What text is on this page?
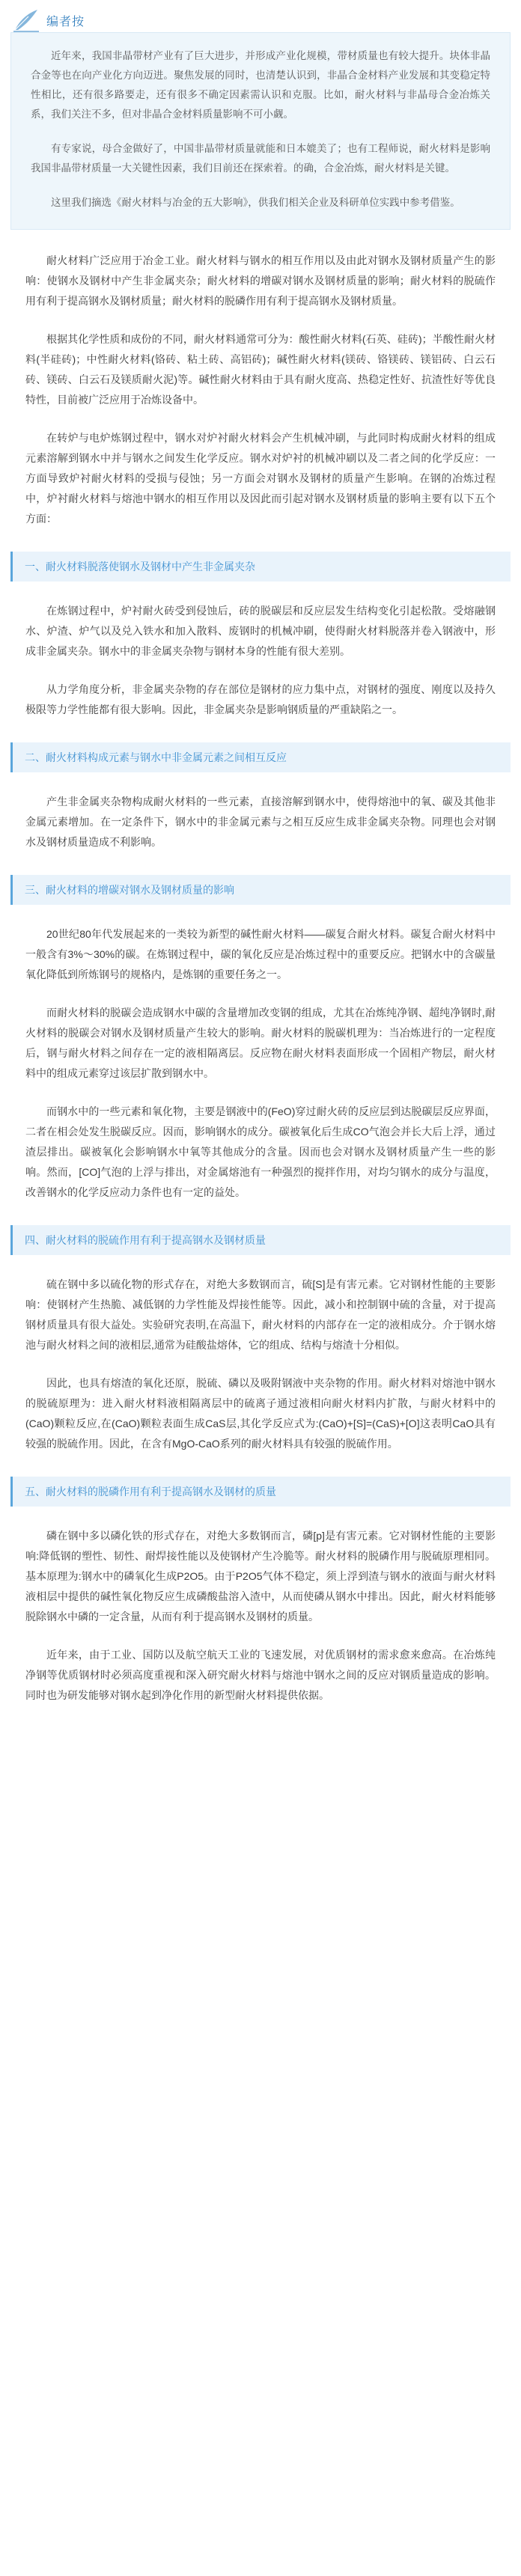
编者按

近年来，我国非晶带材产业有了巨大进步，并形成产业化规模，带材质量也有较大提升。块体非晶合金等也在向产业化方向迈进。聚焦发展的同时，也清楚认识到，非晶合金材料产业发展和其变稳定特性相比，还有很多路要走，还有很多不确定因素需认识和克服。比如，耐火材料与非晶母合金冶炼关系，我们关注不多，但对非晶合金材料质量影响不可小觑。

有专家说，母合金做好了，中国非晶带材质量就能和日本媲美了；也有工程师说，耐火材料是影响我国非晶带材质量一大关键性因素，我们目前还在探索着。的确，合金冶炼，耐火材料是关键。

这里我们摘选《耐火材料与冶金的五大影响》，供我们相关企业及科研单位实践中参考借鉴。

耐火材料广泛应用于冶金工业。耐火材料与钢水的相互作用以及由此对钢水及钢材质量产生的影响：使钢水及钢材中产生非金属夹杂；耐火材料的增碳对钢水及钢材质量的影响；耐火材料的脱硫作用有利于提高钢水及钢材质量；耐火材料的脱磷作用有利于提高钢水及钢材质量。

根据其化学性质和成份的不同，耐火材料通常可分为：酸性耐火材料(石英、硅砖)；半酸性耐火材料(半硅砖)；中性耐火材料(铬砖、粘土砖、高铝砖)；碱性耐火材料(镁砖、铬镁砖、镁铝砖、白云石砖、镁砖、白云石及镁质耐火泥)等。碱性耐火材料由于具有耐火度高、热稳定性好、抗渣性好等优良特性，目前被广泛应用于冶炼设备中。

在转炉与电炉炼钢过程中，钢水对炉衬耐火材料会产生机械冲刷，与此同时构成耐火材料的组成元素溶解到钢水中并与钢水之间发生化学反应。钢水对炉衬的机械冲刷以及二者之间的化学反应：一方面导致炉衬耐火材料的受损与侵蚀；另一方面会对钢水及钢材的质量产生影响。在钢的冶炼过程中，炉衬耐火材料与熔池中钢水的相互作用以及因此而引起对钢水及钢材质量的影响主要有以下五个方面：

一、耐火材料脱落使钢水及钢材中产生非金属夹杂

在炼钢过程中，炉衬耐火砖受到侵蚀后，砖的脱碳层和反应层发生结构变化引起松散。受熔融钢水、炉渣、炉气以及兑入铁水和加入散料、废钢时的机械冲刷，使得耐火材料脱落并卷入钢液中，形成非金属夹杂。钢水中的非金属夹杂物与钢材本身的性能有很大差别。

从力学角度分析，非金属夹杂物的存在部位是钢材的应力集中点，对钢材的强度、刚度以及持久极限等力学性能都有很大影响。因此，非金属夹杂是影响钢质量的严重缺陷之一。

二、耐火材料构成元素与钢水中非金属元素之间相互反应

产生非金属夹杂物构成耐火材料的一些元素，直接溶解到钢水中，使得熔池中的氧、碳及其他非金属元素增加。在一定条件下，钢水中的非金属元素与之相互反应生成非金属夹杂物。同理也会对钢水及钢材质量造成不利影响。

三、耐火材料的增碳对钢水及钢材质量的影响

20世纪80年代发展起来的一类较为新型的碱性耐火材料——碳复合耐火材料。碳复合耐火材料中一般含有3%～30%的碳。在炼钢过程中，碳的氧化反应是冶炼过程中的重要反应。把钢水中的含碳量氧化降低到所炼钢号的规格内，是炼钢的重要任务之一。

而耐火材料的脱碳会造成钢水中碳的含量增加改变钢的组成，尤其在冶炼纯净钢、超纯净钢时,耐火材料的脱碳会对钢水及钢材质量产生较大的影响。耐火材料的脱碳机理为：当冶炼进行的一定程度后，钢与耐火材料之间存在一定的液相隔离层。反应物在耐火材料表面形成一个固相产物层，耐火材料中的组成元素穿过该层扩散到钢水中。

而钢水中的一些元素和氧化物，主要是钢液中的(FeO)穿过耐火砖的反应层到达脱碳层反应界面，二者在相会处发生脱碳反应。因而，影响钢水的成分。碳被氧化后生成CO气泡会并长大后上浮，通过渣层排出。碳被氧化会影响钢水中氧等其他成分的含量。因而也会对钢水及钢材质量产生一些的影响。然而，[CO]气泡的上浮与排出，对金属熔池有一种强烈的搅拌作用，对均匀钢水的成分与温度，改善钢水的化学反应动力条件也有一定的益处。

四、耐火材料的脱硫作用有利于提高钢水及钢材质量

硫在钢中多以硫化物的形式存在，对绝大多数钢而言，硫[S]是有害元素。它对钢材性能的主要影响：使钢材产生热脆、减低钢的力学性能及焊接性能等。因此，减小和控制钢中硫的含量，对于提高钢材质量具有很大益处。实验研究表明,在高温下，耐火材料的内部存在一定的液相成分。介于钢水熔池与耐火材料之间的液相层,通常为硅酸盐熔体，它的组成、结构与熔渣十分相似。

因此，也具有熔渣的氧化还原，脱硫、磷以及吸附钢液中夹杂物的作用。耐火材料对熔池中钢水的脱硫原理为：进入耐火材料液相隔离层中的硫离子通过液相向耐火材料内扩散，与耐火材料中的(CaO)颗粒反应,在(CaO)颗粒表面生成CaS层,其化学反应式为:(CaO)+[S]=(CaS)+[O]这表明CaO具有较强的脱硫作用。因此，在含有MgO-CaO系列的耐火材料具有较强的脱硫作用。

五、耐火材料的脱磷作用有利于提高钢水及钢材的质量

磷在钢中多以磷化铁的形式存在，对绝大多数钢而言，磷[p]是有害元素。它对钢材性能的主要影响:降低钢的塑性、韧性、耐焊接性能以及使钢材产生冷脆等。耐火材料的脱磷作用与脱硫原理相同。基本原理为:钢水中的磷氧化生成P2O5。由于P2O5气体不稳定，须上浮到渣与钢水的液面与耐火材料液相层中提供的碱性氧化物反应生成磷酸盐溶入渣中，从而使磷从钢水中排出。因此，耐火材料能够脱除钢水中磷的一定含量，从而有利于提高钢水及钢材的质量。

近年来，由于工业、国防以及航空航天工业的飞速发展，对优质钢材的需求愈来愈高。在冶炼纯净钢等优质钢材时必须高度重视和深入研究耐火材料与熔池中钢水之间的反应对钢质量造成的影响。同时也为研发能够对钢水起到净化作用的新型耐火材料提供依据。
